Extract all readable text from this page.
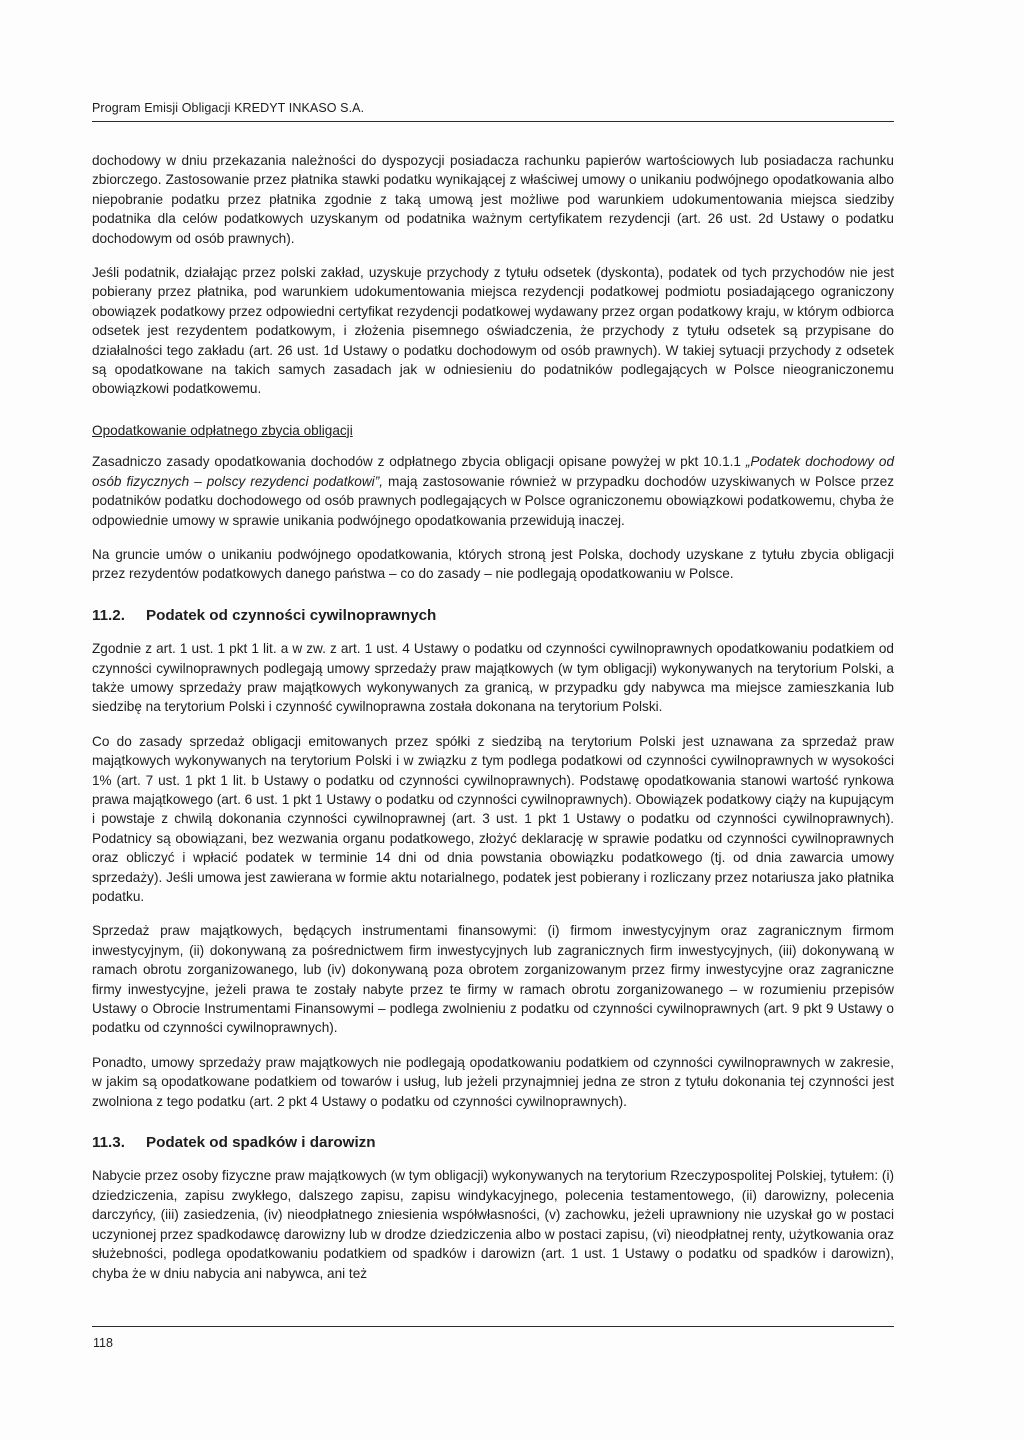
Program Emisji Obligacji KREDYT INKASO S.A.

dochodowy w dniu przekazania należności do dyspozycji posiadacza rachunku papierów wartościowych lub posiadacza rachunku zbiorczego. Zastosowanie przez płatnika stawki podatku wynikającej z właściwej umowy o unikaniu podwójnego opodatkowania albo niepobranie podatku przez płatnika zgodnie z taką umową jest możliwe pod warunkiem udokumentowania miejsca siedziby podatnika dla celów podatkowych uzyskanym od podatnika ważnym certyfikatem rezydencji (art. 26 ust. 2d Ustawy o podatku dochodowym od osób prawnych).

Jeśli podatnik, działając przez polski zakład, uzyskuje przychody z tytułu odsetek (dyskonta), podatek od tych przychodów nie jest pobierany przez płatnika, pod warunkiem udokumentowania miejsca rezydencji podatkowej podmiotu posiadającego ograniczony obowiązek podatkowy przez odpowiedni certyfikat rezydencji podatkowej wydawany przez organ podatkowy kraju, w którym odbiorca odsetek jest rezydentem podatkowym, i złożenia pisemnego oświadczenia, że przychody z tytułu odsetek są przypisane do działalności tego zakładu (art. 26 ust. 1d Ustawy o podatku dochodowym od osób prawnych). W takiej sytuacji przychody z odsetek są opodatkowane na takich samych zasadach jak w odniesieniu do podatników podlegających w Polsce nieograniczonemu obowiązkowi podatkowemu.

Opodatkowanie odpłatnego zbycia obligacji

Zasadniczo zasady opodatkowania dochodów z odpłatnego zbycia obligacji opisane powyżej w pkt 10.1.1 „Podatek dochodowy od osób fizycznych – polscy rezydenci podatkowi”, mają zastosowanie również w przypadku dochodów uzyskiwanych w Polsce przez podatników podatku dochodowego od osób prawnych podlegających w Polsce ograniczonemu obowiązkowi podatkowemu, chyba że odpowiednie umowy w sprawie unikania podwójnego opodatkowania przewidują inaczej.

Na gruncie umów o unikaniu podwójnego opodatkowania, których stroną jest Polska, dochody uzyskane z tytułu zbycia obligacji przez rezydentów podatkowych danego państwa – co do zasady – nie podlegają opodatkowaniu w Polsce.

11.2.	Podatek od czynności cywilnoprawnych

Zgodnie z art. 1 ust. 1 pkt 1 lit. a w zw. z art. 1 ust. 4 Ustawy o podatku od czynności cywilnoprawnych opodatkowaniu podatkiem od czynności cywilnoprawnych podlegają umowy sprzedaży praw majątkowych (w tym obligacji) wykonywanych na terytorium Polski, a także umowy sprzedaży praw majątkowych wykonywanych za granicą, w przypadku gdy nabywca ma miejsce zamieszkania lub siedzibę na terytorium Polski i czynność cywilnoprawna została dokonana na terytorium Polski.

Co do zasady sprzedaż obligacji emitowanych przez spółki z siedzibą na terytorium Polski jest uznawana za sprzedaż praw majątkowych wykonywanych na terytorium Polski i w związku z tym podlega podatkowi od czynności cywilnoprawnych w wysokości 1% (art. 7 ust. 1 pkt 1 lit. b Ustawy o podatku od czynności cywilnoprawnych). Podstawę opodatkowania stanowi wartość rynkowa prawa majątkowego (art. 6 ust. 1 pkt 1 Ustawy o podatku od czynności cywilnoprawnych). Obowiązek podatkowy ciąży na kupującym i powstaje z chwilą dokonania czynności cywilnoprawnej (art. 3 ust. 1 pkt 1 Ustawy o podatku od czynności cywilnoprawnych). Podatnicy są obowiązani, bez wezwania organu podatkowego, złożyć deklarację w sprawie podatku od czynności cywilnoprawnych oraz obliczyć i wpłacić podatek w terminie 14 dni od dnia powstania obowiązku podatkowego (tj. od dnia zawarcia umowy sprzedaży). Jeśli umowa jest zawierana w formie aktu notarialnego, podatek jest pobierany i rozliczany przez notariusza jako płatnika podatku.

Sprzedaż praw majątkowych, będących instrumentami finansowymi: (i) firmom inwestycyjnym oraz zagranicznym firmom inwestycyjnym, (ii) dokonywaną za pośrednictwem firm inwestycyjnych lub zagranicznych firm inwestycyjnych, (iii) dokonywaną w ramach obrotu zorganizowanego, lub (iv) dokonywaną poza obrotem zorganizowanym przez firmy inwestycyjne oraz zagraniczne firmy inwestycyjne, jeżeli prawa te zostały nabyte przez te firmy w ramach obrotu zorganizowanego – w rozumieniu przepisów Ustawy o Obrocie Instrumentami Finansowymi – podlega zwolnieniu z podatku od czynności cywilnoprawnych (art. 9 pkt 9 Ustawy o podatku od czynności cywilnoprawnych).

Ponadto, umowy sprzedaży praw majątkowych nie podlegają opodatkowaniu podatkiem od czynności cywilnoprawnych w zakresie, w jakim są opodatkowane podatkiem od towarów i usług, lub jeżeli przynajmniej jedna ze stron z tytułu dokonania tej czynności jest zwolniona z tego podatku (art. 2 pkt 4 Ustawy o podatku od czynności cywilnoprawnych).

11.3.	Podatek od spadków i darowizn

Nabycie przez osoby fizyczne praw majątkowych (w tym obligacji) wykonywanych na terytorium Rzeczypospolitej Polskiej, tytułem: (i) dziedziczenia, zapisu zwykłego, dalszego zapisu, zapisu windykacyjnego, polecenia testamentowego, (ii) darowizny, polecenia darczyńcy, (iii) zasiedzenia, (iv) nieodpłatnego zniesienia współwłasności, (v) zachowku, jeżeli uprawniony nie uzyskał go w postaci uczynionej przez spadkodawcę darowizny lub w drodze dziedziczenia albo w postaci zapisu, (vi) nieodpłatnej renty, użytkowania oraz służebności, podlega opodatkowaniu podatkiem od spadków i darowizn (art. 1 ust. 1 Ustawy o podatku od spadków i darowizn), chyba że w dniu nabycia ani nabywca, ani też

118
